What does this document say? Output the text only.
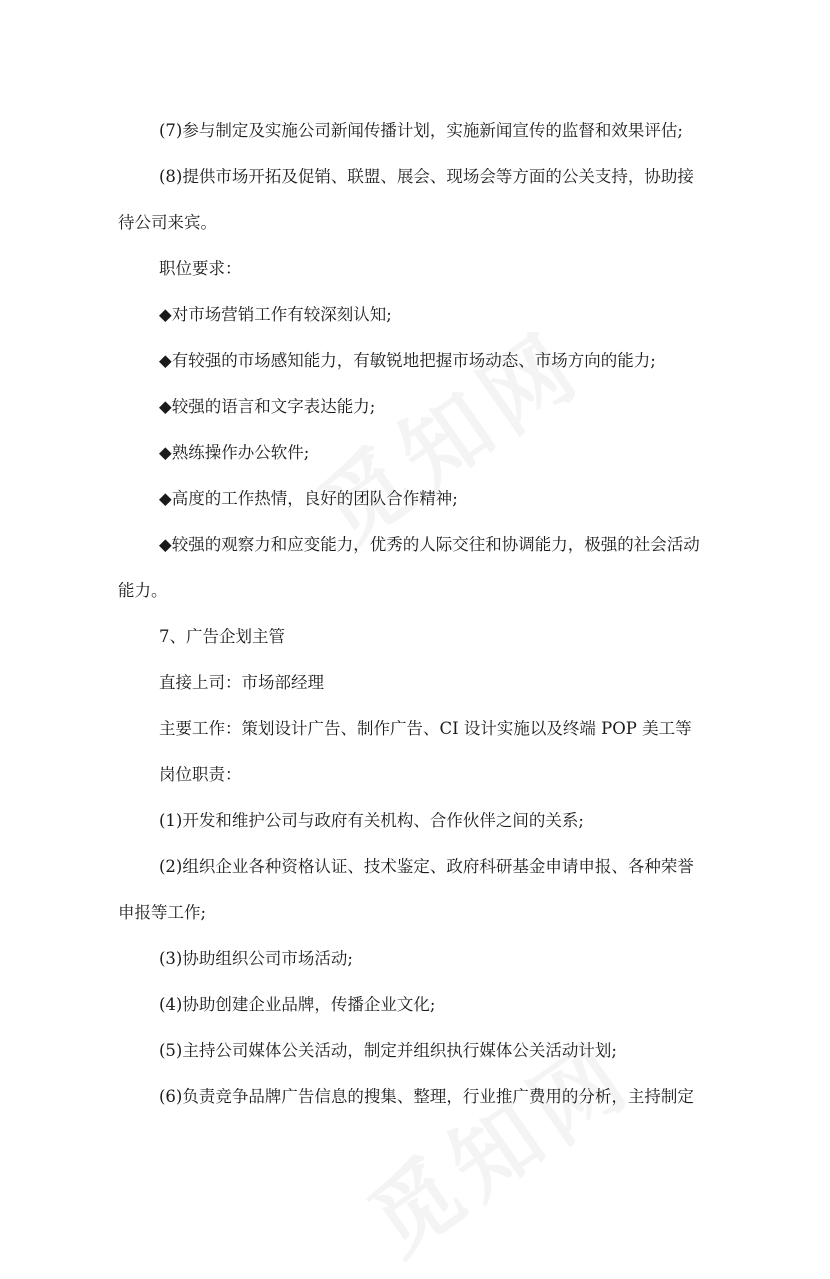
(7)参与制定及实施公司新闻传播计划，实施新闻宣传的监督和效果评估;
(8)提供市场开拓及促销、联盟、展会、现场会等方面的公关支持，协助接
待公司来宾。
职位要求：
◆对市场营销工作有较深刻认知;
◆有较强的市场感知能力，有敏锐地把握市场动态、市场方向的能力;
◆较强的语言和文字表达能力;
◆熟练操作办公软件;
◆高度的工作热情，良好的团队合作精神;
◆较强的观察力和应变能力，优秀的人际交往和协调能力，极强的社会活动
能力。
7、广告企划主管
直接上司：市场部经理
主要工作：策划设计广告、制作广告、CI 设计实施以及终端 POP 美工等
岗位职责：
(1)开发和维护公司与政府有关机构、合作伙伴之间的关系;
(2)组织企业各种资格认证、技术鉴定、政府科研基金申请申报、各种荣誉
申报等工作;
(3)协助组织公司市场活动;
(4)协助创建企业品牌，传播企业文化;
(5)主持公司媒体公关活动，制定并组织执行媒体公关活动计划;
(6)负责竞争品牌广告信息的搜集、整理，行业推广费用的分析，主持制定
